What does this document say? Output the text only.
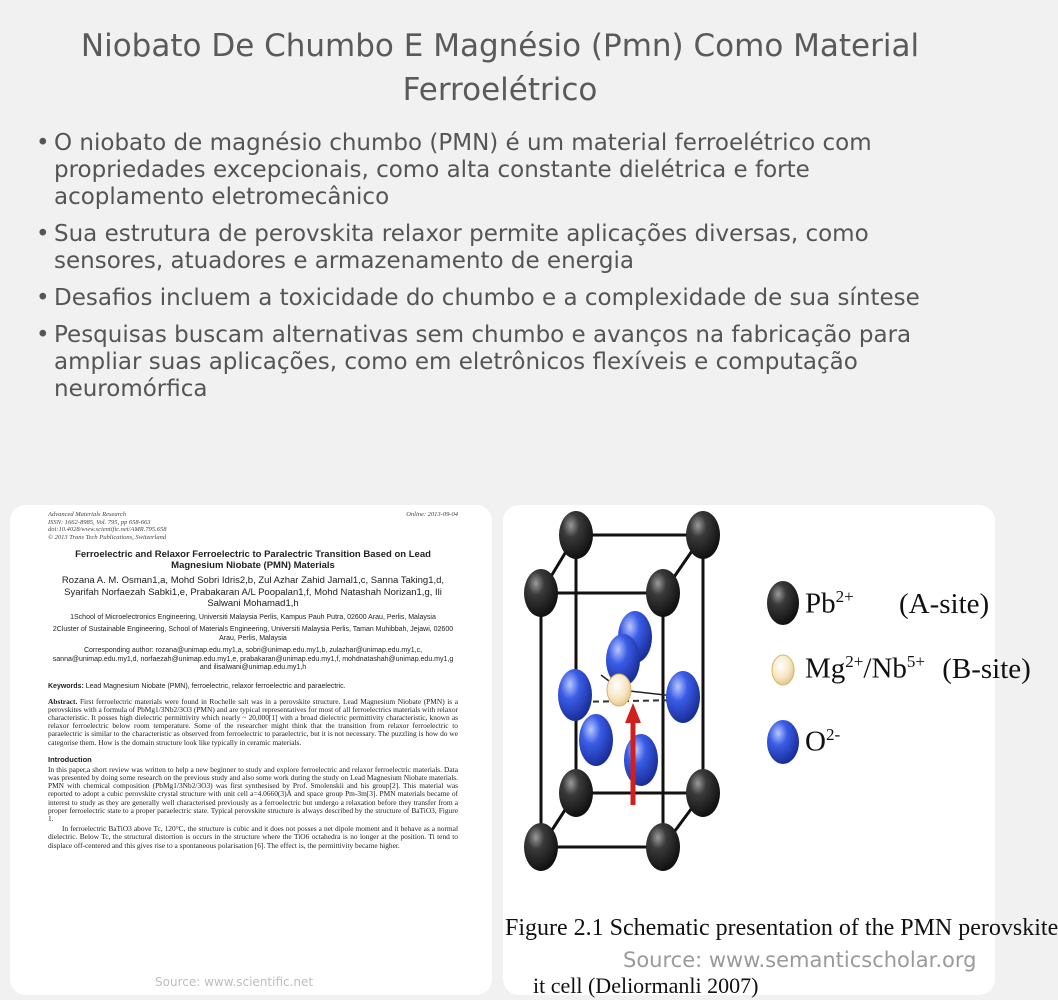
Niobato De Chumbo E Magnésio (Pmn) Como Material Ferroelétrico
• O niobato de magnésio chumbo (PMN) é um material ferroelétrico com propriedades excepcionais, como alta constante dielétrica e forte acoplamento eletromecânico
• Sua estrutura de perovskita relaxor permite aplicações diversas, como sensores, atuadores e armazenamento de energia
• Desafios incluem a toxicidade do chumbo e a complexidade de sua síntese
• Pesquisas buscam alternativas sem chumbo e avanços na fabricação para ampliar suas aplicações, como em eletrônicos flexíveis e computação neuromórfica
Online: 2013-09-04
Advanced Materials Research
ISSN: 1662-8985, Vol. 795, pp 658-663
doi:10.4028/www.scientific.net/AMR.795.658
© 2013 Trans Tech Publications, Switzerland
Ferroelectric and Relaxor Ferroelectric to Paralectric Transition Based on Lead Magnesium Niobate (PMN) Materials
Rozana A. M. Osman1,a, Mohd Sobri Idris2,b, Zul Azhar Zahid Jamal1,c, Sanna Taking1,d, Syarifah Norfaezah Sabki1,e, Prabakaran A/L Poopalan1,f, Mohd Natashah Norizan1,g, Ili Salwani Mohamad1,h
1School of Microelectronics Engineering, Universiti Malaysia Perlis, Kampus Pauh Putra, 02600 Arau, Perlis, Malaysia
2Cluster of Sustainable Engineering, School of Materials Engineering, Universiti Malaysia Perlis, Taman Muhibbah, Jejawi, 02600 Arau, Perlis, Malaysia
Corresponding author: rozana@unimap.edu.my1,a, sobri@unimap.edu.my1,b, zulazhar@unimap.edu.my1,c, sanna@unimap.edu.my1,d, norfaezah@unimap.edu.my1,e, prabakaran@unimap.edu.my1,f, mohdnatashah@unimap.edu.my1,g and ilisalwani@unimap.edu.my1,h
Keywords: Lead Magnesium Niobate (PMN), ferroelectric, relaxor ferroelectric and paraelectric.
Abstract. First ferroelectric materials were found in Rochelle salt was in a perovskite structure. Lead Magnesium Niobate (PMN) is a perovskites with a formula of PbMg1/3Nb2/3O3 (PMN) and are typical representatives for most of all ferroelectrics materials with relaxor characteristic. It posses high dielectric permittivity which nearly ~ 20,000[1] with a broad dielectric permittivity characteristic, known as relaxor ferroelectric below room temperature. Some of the researcher might think that the transition from relaxor ferroelectric to paraelectric is similar to the characteristic as observed from ferroelectric to paraelectric, but it is not necessary. The puzzling is how do we categorise them. How is the domain structure look like typically in ceramic materials.
Introduction
In this paper,a short review was written to help a new beginner to study and explore ferroelectric and relaxor ferroelectric materials. Data was presented by doing some research on the previous study and also some work during the study on Lead Magnesium Niobate materials. PMN with chemical composition (PbMg1/3Nb2/3O3) was first synthesised by Prof. Smolenskii and his group[2]. This material was reported to adopt a cubic perovskite crystal structure with unit cell a=4.0660(3)Å and space group Pm-3m[3]. PMN materials became of interest to study as they are generally well characterised previously as a ferroelectric but undergo a relaxation before they transfer from a proper ferroelectric state to a proper paraelectric state. Typical perovskite structure is always described by the structure of BaTiO3, Figure 1.
In ferroelectric BaTiO3 above Tc, 120°C, the structure is cubic and it does not posses a net dipole moment and it behave as a normal dielectric. Below Tc, the structural distortion is occurs in the structure where the TiO6 octahedra is no longer at the position. Ti tend to displace off-centered and this gives rise to a spontaneous polarisation [6]. The effect is, the permittivity became higher.
Source: www.scientific.net
$Pb^{2+}$ (A-site)
$Mg^{2+}/Nb^{5+}$ (B-site)
$O^{2-}$
Figure 2.1 Schematic presentation of the PMN perovskite
Source: www.semanticscholar.org
it cell (Deliormanli 2007)
